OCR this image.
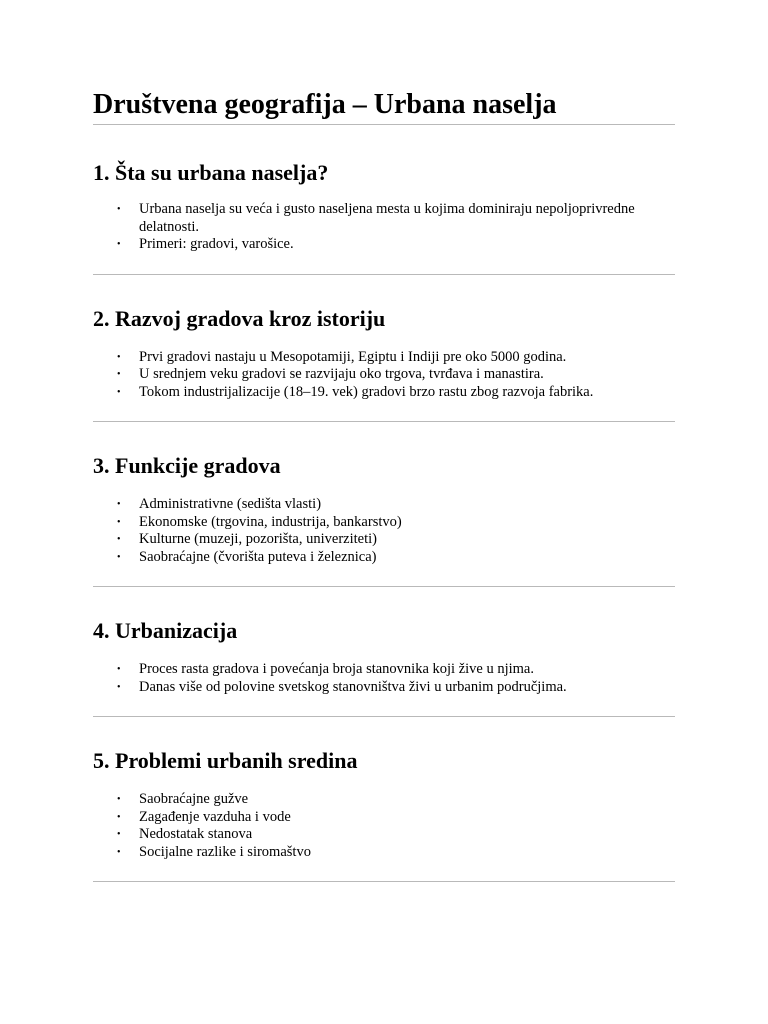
Društvena geografija – Urbana naselja
1. Šta su urbana naselja?
• Urbana naselja su veća i gusto naseljena mesta u kojima dominiraju nepoljoprivredne delatnosti.
• Primeri: gradovi, varošice.
2. Razvoj gradova kroz istoriju
• Prvi gradovi nastaju u Mesopotamiji, Egiptu i Indiji pre oko 5000 godina.
• U srednjem veku gradovi se razvijaju oko trgova, tvrđava i manastira.
• Tokom industrijalizacije (18–19. vek) gradovi brzo rastu zbog razvoja fabrika.
3. Funkcije gradova
• Administrativne (sedišta vlasti)
• Ekonomske (trgovina, industrija, bankarstvo)
• Kulturne (muzeji, pozorišta, univerziteti)
• Saobraćajne (čvorišta puteva i železnica)
4. Urbanizacija
• Proces rasta gradova i povećanja broja stanovnika koji žive u njima.
• Danas više od polovine svetskog stanovništva živi u urbanim područjima.
5. Problemi urbanih sredina
• Saobraćajne gužve
• Zagađenje vazduha i vode
• Nedostatak stanova
• Socijalne razlike i siromaštvo
